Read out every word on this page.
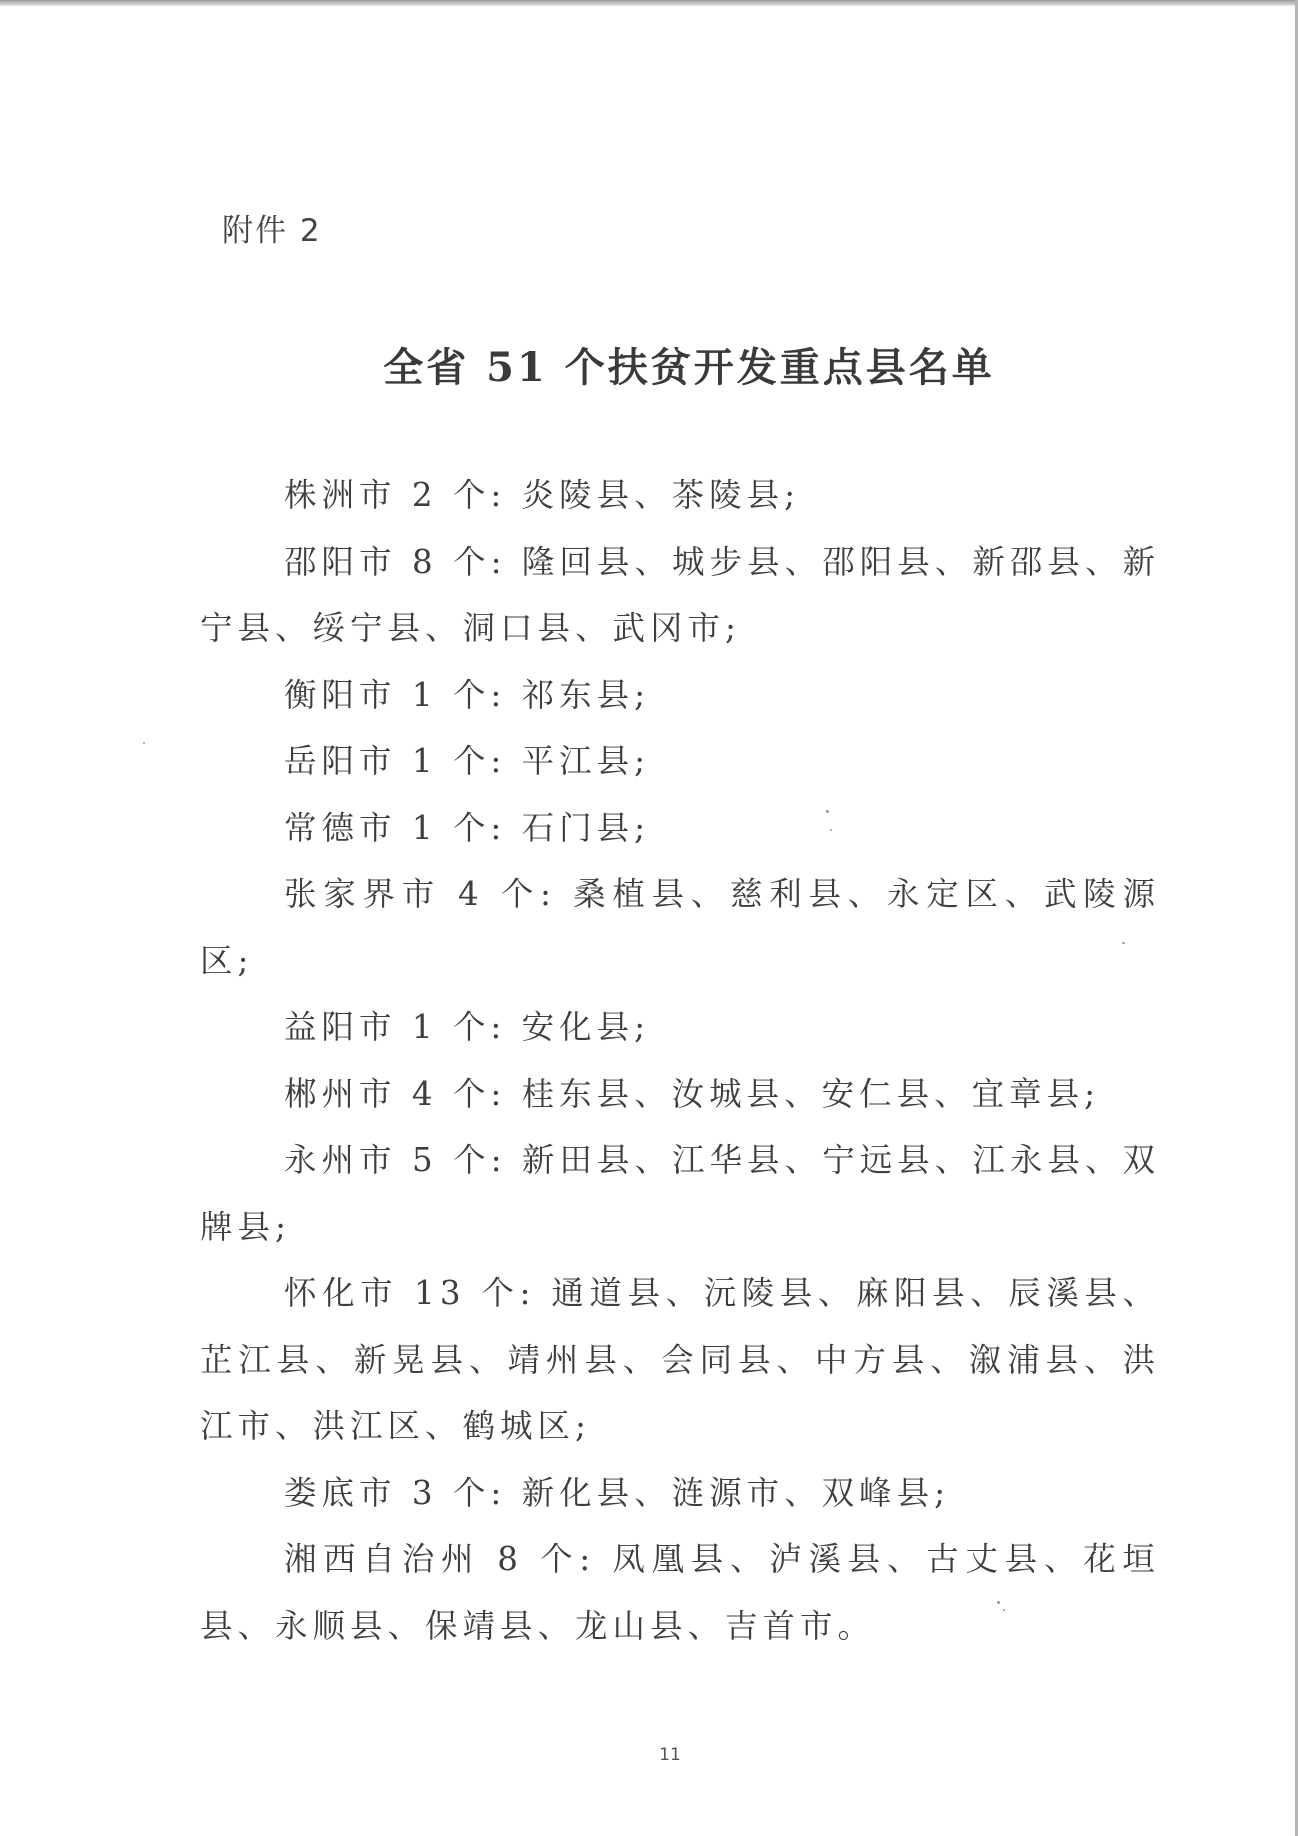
附件 2
全省 51 个扶贫开发重点县名单

株洲市 2 个: 炎陵县、茶陵县;

邵阳市 8 个: 隆回县、城步县、邵阳县、新邵县、新宁县、绥宁县、洞口县、武冈市;

衡阳市 1 个: 祁东县;

岳阳市 1 个: 平江县;

常德市 1 个: 石门县;

张家界市 4 个: 桑植县、慈利县、永定区、武陵源区;

益阳市 1 个: 安化县;

郴州市 4 个: 桂东县、汝城县、安仁县、宜章县;

永州市 5 个: 新田县、江华县、宁远县、江永县、双牌县;

怀化市 13 个: 通道县、沅陵县、麻阳县、辰溪县、芷江县、新晃县、靖州县、会同县、中方县、溆浦县、洪江市、洪江区、鹤城区;

娄底市 3 个: 新化县、涟源市、双峰县;

湘西自治州 8 个: 凤凰县、泸溪县、古丈县、花垣县、永顺县、保靖县、龙山县、吉首市。

11
